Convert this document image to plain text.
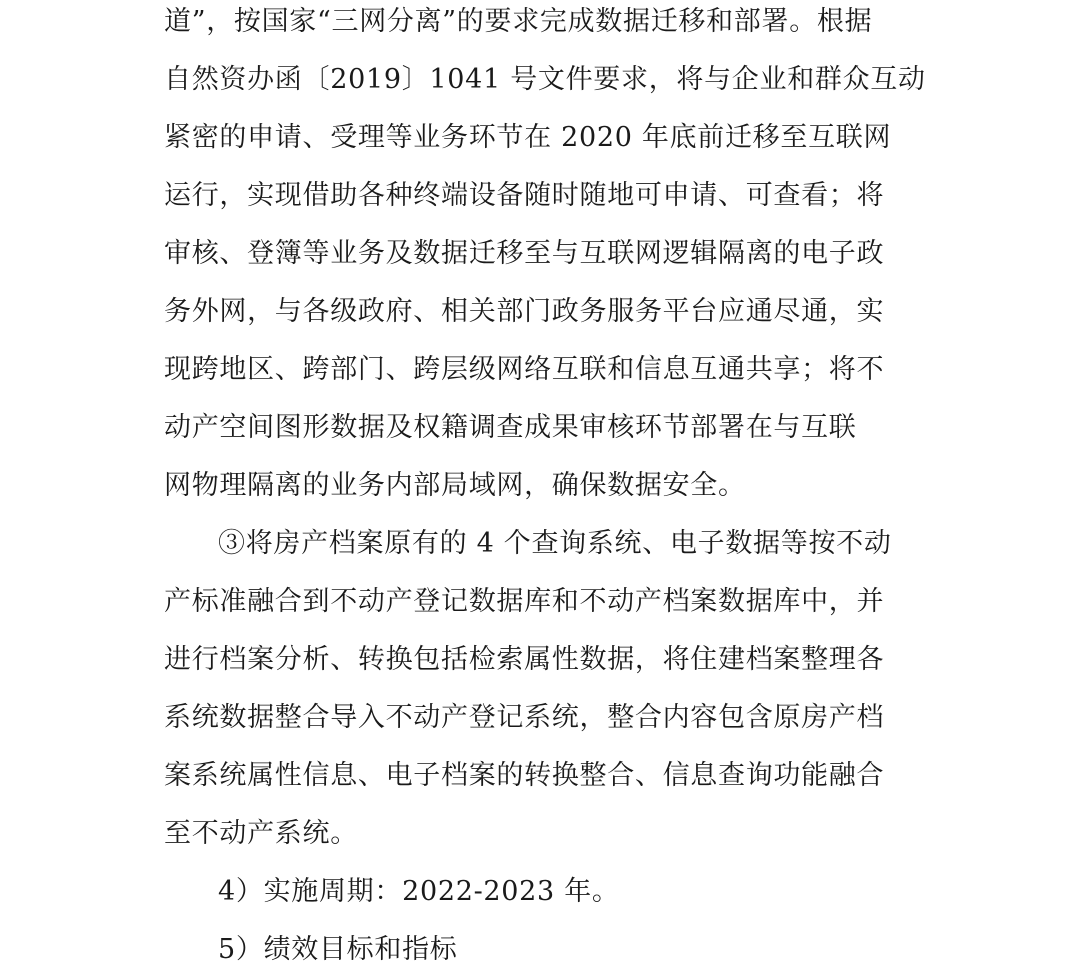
道”，按国家“三网分离”的要求完成数据迁移和部署。根据
自然资办函〔2019〕1041 号文件要求，将与企业和群众互动
紧密的申请、受理等业务环节在 2020 年底前迁移至互联网
运行，实现借助各种终端设备随时随地可申请、可查看；将
审核、登簿等业务及数据迁移至与互联网逻辑隔离的电子政
务外网，与各级政府、相关部门政务服务平台应通尽通，实
现跨地区、跨部门、跨层级网络互联和信息互通共享；将不
动产空间图形数据及权籍调查成果审核环节部署在与互联
网物理隔离的业务内部局域网，确保数据安全。
③将房产档案原有的 4 个查询系统、电子数据等按不动
产标准融合到不动产登记数据库和不动产档案数据库中，并
进行档案分析、转换包括检索属性数据，将住建档案整理各
系统数据整合导入不动产登记系统，整合内容包含原房产档
案系统属性信息、电子档案的转换整合、信息查询功能融合
至不动产系统。
4）实施周期：2022-2023 年。
5）绩效目标和指标
